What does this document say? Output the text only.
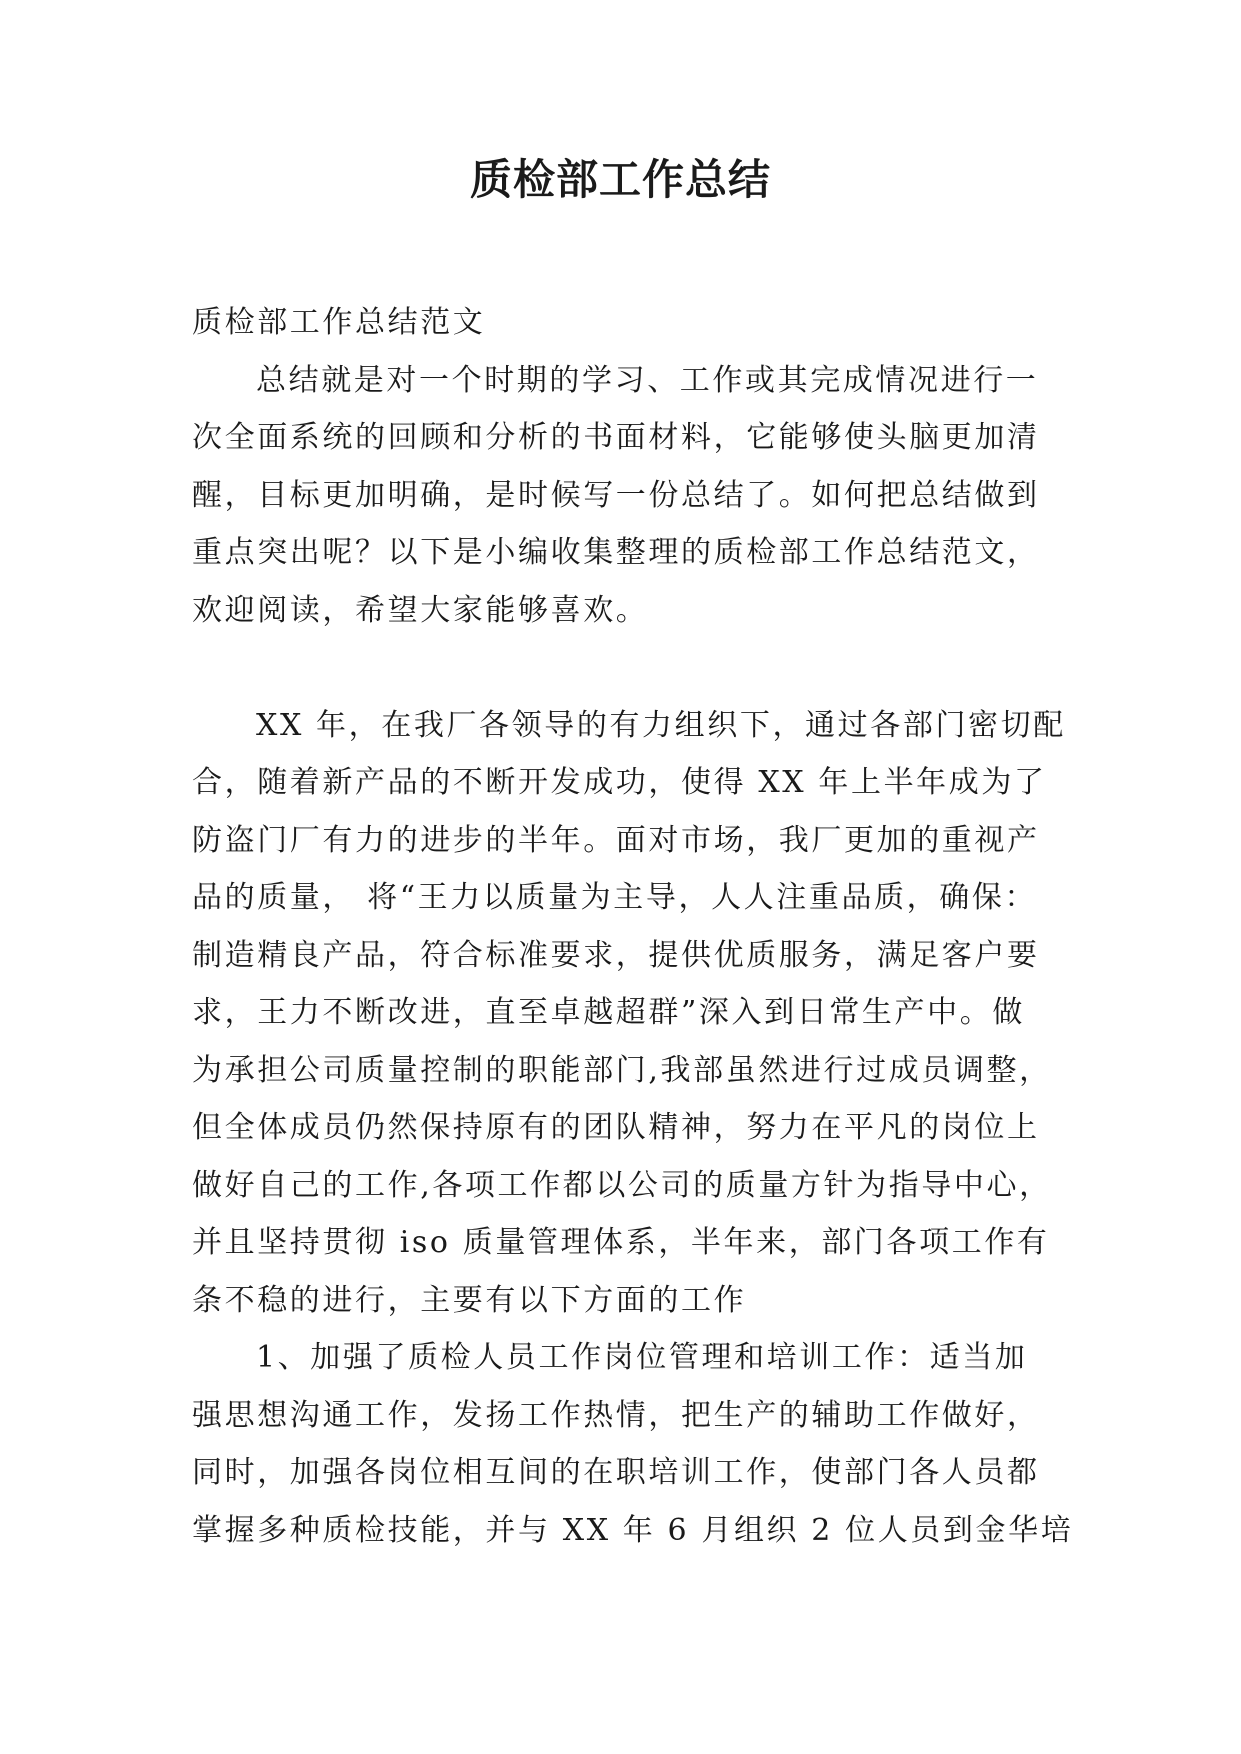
质检部工作总结

质检部工作总结范文

总结就是对一个时期的学习、工作或其完成情况进行一

次全面系统的回顾和分析的书面材料，它能够使头脑更加清

醒，目标更加明确，是时候写一份总结了。如何把总结做到

重点突出呢？以下是小编收集整理的质检部工作总结范文，

欢迎阅读，希望大家能够喜欢。

XX 年，在我厂各领导的有力组织下，通过各部门密切配

合，随着新产品的不断开发成功，使得 XX 年上半年成为了

防盗门厂有力的进步的半年。面对市场，我厂更加的重视产

品的质量， 将“王力以质量为主导，人人注重品质，确保：

制造精良产品，符合标准要求，提供优质服务，满足客户要

求，王力不断改进，直至卓越超群”深入到日常生产中。做

为承担公司质量控制的职能部门,我部虽然进行过成员调整，

但全体成员仍然保持原有的团队精神，努力在平凡的岗位上

做好自己的工作,各项工作都以公司的质量方针为指导中心，

并且坚持贯彻 iso 质量管理体系，半年来，部门各项工作有

条不稳的进行，主要有以下方面的工作

1、加强了质检人员工作岗位管理和培训工作：适当加

强思想沟通工作，发扬工作热情，把生产的辅助工作做好，

同时，加强各岗位相互间的在职培训工作，使部门各人员都

掌握多种质检技能，并与 XX 年 6 月组织 2 位人员到金华培
